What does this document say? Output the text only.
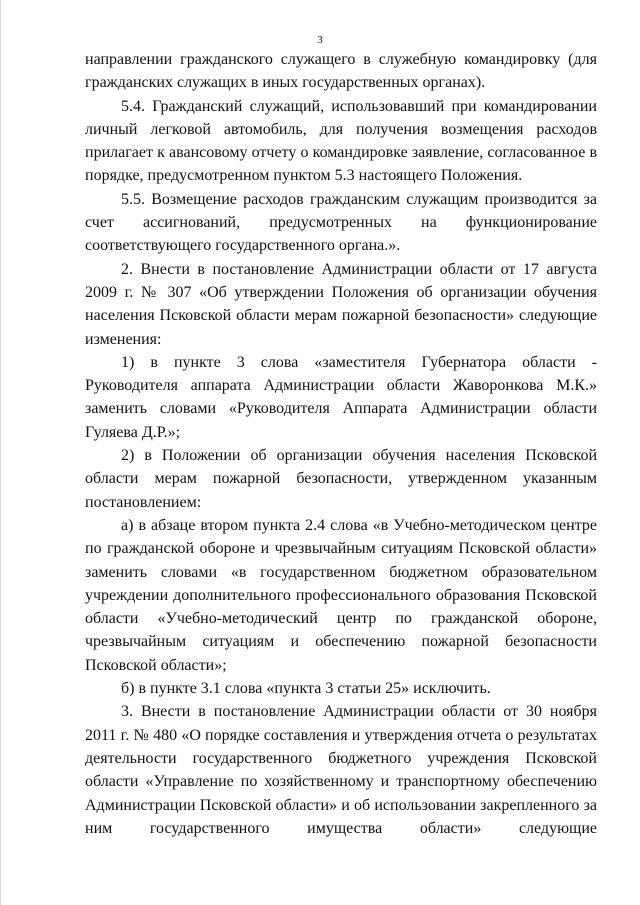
3

направлении гражданского служащего в служебную командировку (для гражданских служащих в иных государственных органах).

5.4. Гражданский служащий, использовавший при командировании личный легковой автомобиль, для получения возмещения расходов прилагает к авансовому отчету о командировке заявление, согласованное в порядке, предусмотренном пунктом 5.3 настоящего Положения.

5.5. Возмещение расходов гражданским служащим производится за счет ассигнований, предусмотренных на функционирование соответствующего государственного органа.».

2. Внести в постановление Администрации области от 17 августа 2009 г. № 307 «Об утверждении Положения об организации обучения населения Псковской области мерам пожарной безопасности» следующие изменения:

1) в пункте 3 слова «заместителя Губернатора области - Руководителя аппарата Администрации области Жаворонкова М.К.» заменить словами «Руководителя Аппарата Администрации области Гуляева Д.Р.»;

2) в Положении об организации обучения населения Псковской области мерам пожарной безопасности, утвержденном указанным постановлением:

а) в абзаце втором пункта 2.4 слова «в Учебно-методическом центре по гражданской обороне и чрезвычайным ситуациям Псковской области» заменить словами «в государственном бюджетном образовательном учреждении дополнительного профессионального образования Псковской области «Учебно-методический центр по гражданской обороне, чрезвычайным ситуациям и обеспечению пожарной безопасности Псковской области»;

б) в пункте 3.1 слова «пункта 3 статьи 25» исключить.

3. Внести в постановление Администрации области от 30 ноября 2011 г. № 480 «О порядке составления и утверждения отчета о результатах деятельности государственного бюджетного учреждения Псковской области «Управление по хозяйственному и транспортному обеспечению Администрации Псковской области» и об использовании закрепленного за ним государственного имущества области» следующие
